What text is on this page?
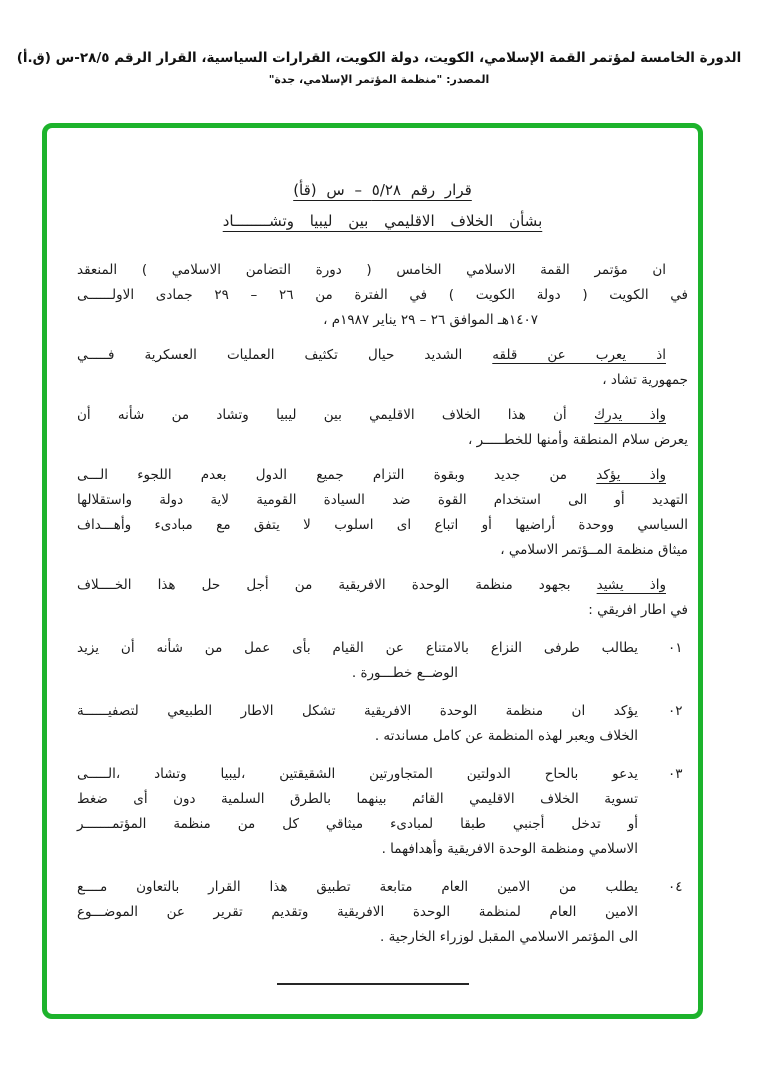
الدورة الخامسة لمؤتمر القمة الإسلامي، الكويت، دولة الكويت، القرارات السياسية، القرار الرقم ٢٨/٥-س (ق.أ)
المصدر: "منظمة المؤتمر الإسلامي، جدة"
قرار رقم ٥/٢٨ – س (قأ)
بشأن الخلاف الاقليمي بين ليبيا وتشــــــــاد
ان مؤتمر القمة الاسلامي الخامس ( دورة التضامن الاسلامي ) المنعقد
في الكويت ( دولة الكويت ) في الفترة من ٢٦ – ٢٩ جمادى الاولــــــى
١٤٠٧هـ الموافق ٢٦ – ٢٩ يناير ١٩٨٧م ،
اذ يعرب عن قلقه الشديد حيال تكثيف العمليات العسكرية فـــــي
جمهورية تشاد ،
واذ يدرك أن هذا الخلاف الاقليمي بين ليبيا وتشاد من شأنه أن
يعرض سلام المنطقة وأمنها للخطـــــر ،
واذ يؤكد من جديد وبقوة التزام جميع الدول بعدم اللجوء الـــى
التهديد أو الى استخدام القوة ضد السيادة القومية لاية دولة واستقلالها
السياسي ووحدة أراضيها أو اتباع اى اسلوب لا يتفق مع مبادىء وأهـــداف
ميثاق منظمة المــؤتمر الاسلامي ،
واذ يشيد بجهود منظمة الوحدة الافريقية من أجل حل هذا الخــــلاف
في اطار افريقي :
٠١
يطالب طرفى النزاع بالامتناع عن القيام بأى عمل من شأنه أن يزيد
الوضــع خطـــورة .
٠٢
يؤكد ان منظمة الوحدة الافريقية تشكل الاطار الطبيعي لتصفيــــــة
الخلاف ويعبر لهذه المنظمة عن كامل مساندته .
٠٣
يدعو بالحاح الدولتين المتجاورتين الشقيقتين ،ليبيا وتشاد ،الـــــى
تسوية الخلاف الاقليمي القائم بينهما بالطرق السلمية دون أى ضغط
أو تدخل أجنبي طبقا لمبادىء ميثاقي كل من منظمة المؤتمـــــــر
الاسلامي ومنظمة الوحدة الافريقية وأهدافهما .
٠٤
يطلب من الامين العام متابعة تطبيق هذا القرار بالتعاون مــــع
الامين العام لمنظمة الوحدة الافريقية وتقديم تقرير عن الموضـــوع
الى المؤتمر الاسلامي المقبل لوزراء الخارجية .
